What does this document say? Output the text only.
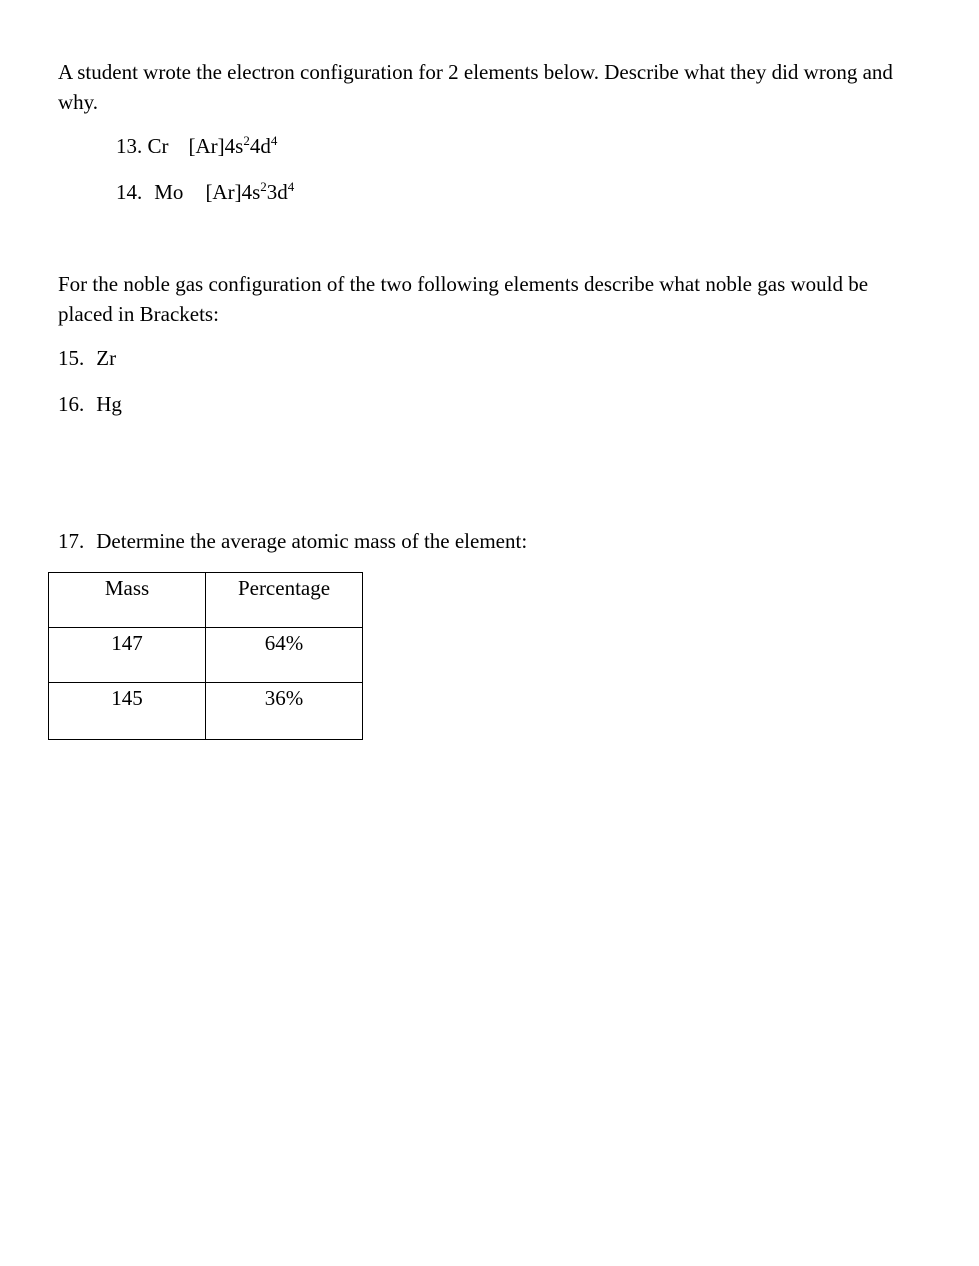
A student wrote the electron configuration for 2 elements below. Describe what they did wrong and why.

13. Cr $[Ar]4s^24d^4$
14. Mo $[Ar]4s^23d^4$

For the noble gas configuration of the two following elements describe what noble gas would be placed in Brackets:

15. Zr
16. Hg
17. Determine the average atomic mass of the element:
Mass	Percentage
147	64%
145	36%
